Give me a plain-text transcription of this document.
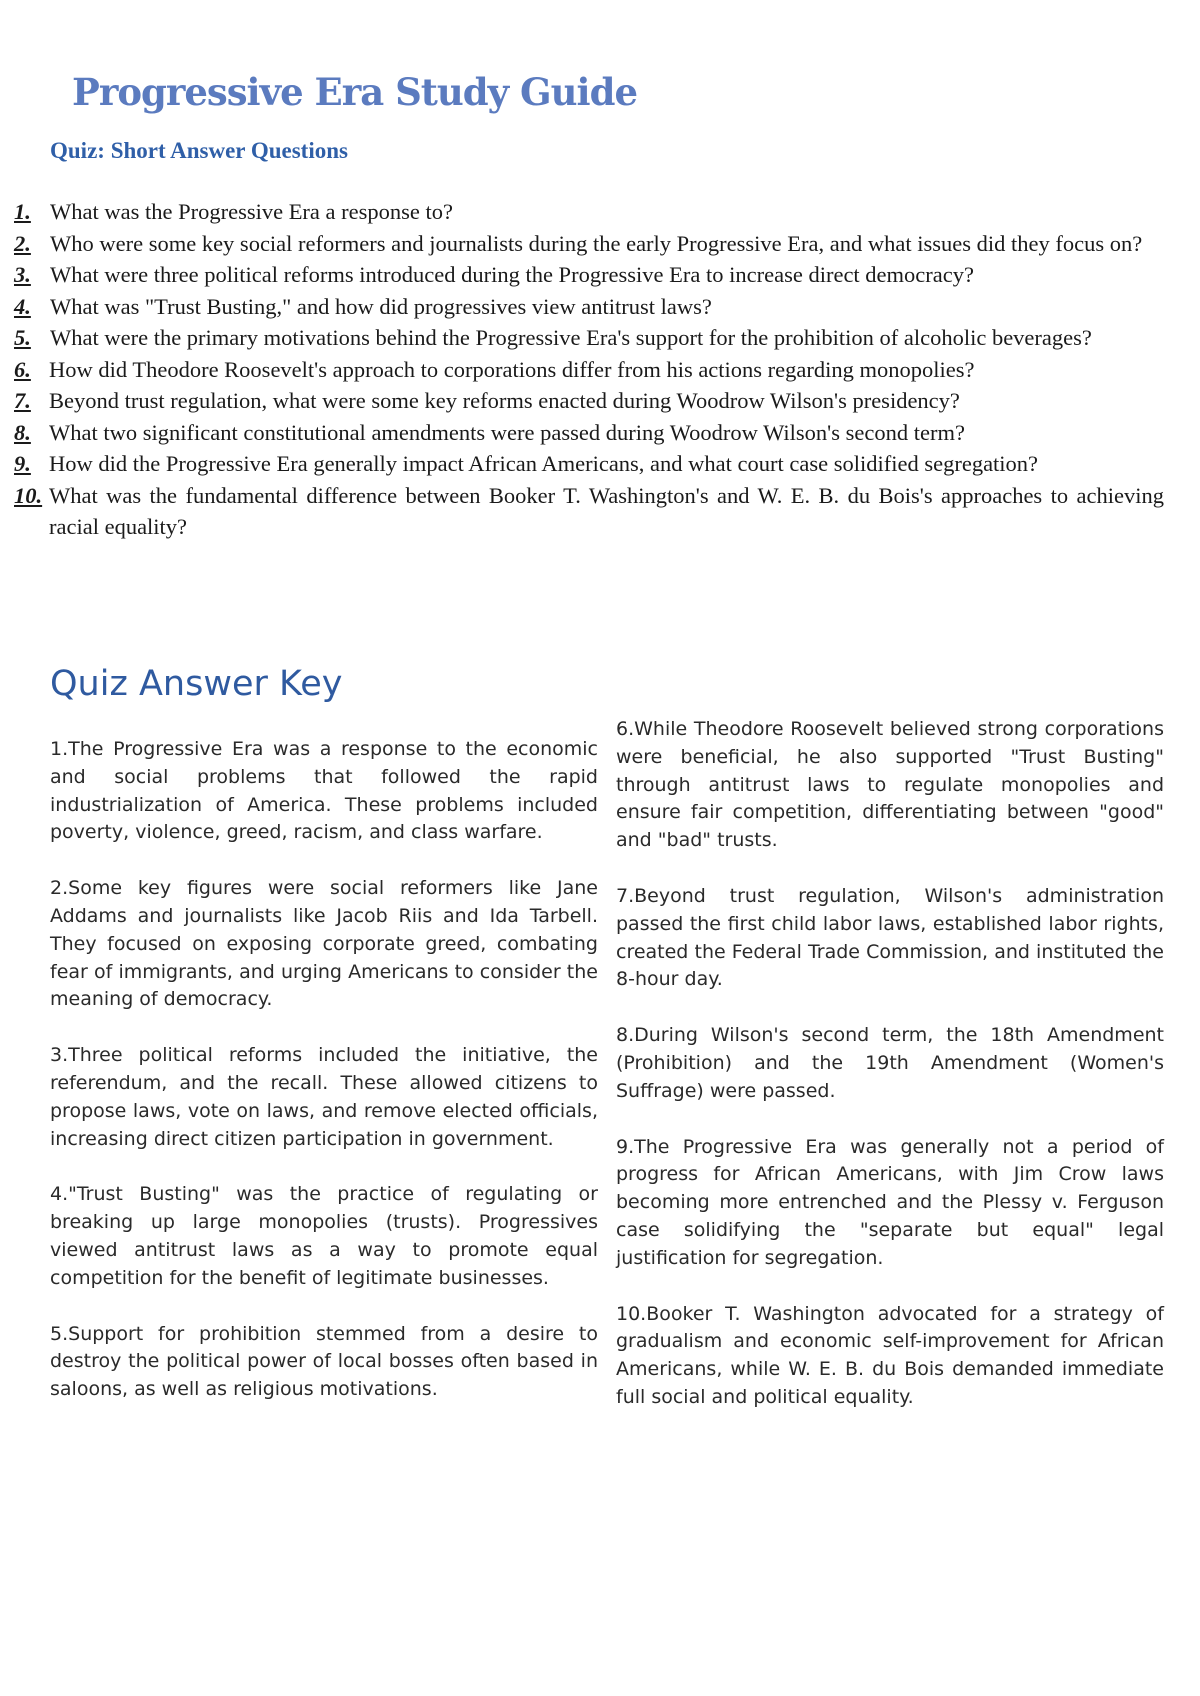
Progressive Era Study Guide
Quiz: Short Answer Questions
1. What was the Progressive Era a response to?
2. Who were some key social reformers and journalists during the early Progressive Era, and what issues did they focus on?
3. What were three political reforms introduced during the Progressive Era to increase direct democracy?
4. What was "Trust Busting," and how did progressives view antitrust laws?
5. What were the primary motivations behind the Progressive Era's support for the prohibition of alcoholic beverages?
6. How did Theodore Roosevelt's approach to corporations differ from his actions regarding monopolies?
7. Beyond trust regulation, what were some key reforms enacted during Woodrow Wilson's presidency?
8. What two significant constitutional amendments were passed during Woodrow Wilson's second term?
9. How did the Progressive Era generally impact African Americans, and what court case solidified segregation?
10. What was the fundamental difference between Booker T. Washington's and W. E. B. du Bois's approaches to achieving racial equality?
Quiz Answer Key

1.The Progressive Era was a response to the economic and social problems that followed the rapid industrialization of America. These problems included poverty, violence, greed, racism, and class warfare.

2.Some key figures were social reformers like Jane Addams and journalists like Jacob Riis and Ida Tarbell. They focused on exposing corporate greed, combating fear of immigrants, and urging Americans to consider the meaning of democracy.

3.Three political reforms included the initiative, the referendum, and the recall. These allowed citizens to propose laws, vote on laws, and remove elected officials, increasing direct citizen participation in government.

4."Trust Busting" was the practice of regulating or breaking up large monopolies (trusts). Progressives viewed antitrust laws as a way to promote equal competition for the benefit of legitimate businesses.

5.Support for prohibition stemmed from a desire to destroy the political power of local bosses often based in saloons, as well as religious motivations.

6.While Theodore Roosevelt believed strong corporations were beneficial, he also supported "Trust Busting" through antitrust laws to regulate monopolies and ensure fair competition, differentiating between "good" and "bad" trusts.

7.Beyond trust regulation, Wilson's administration passed the first child labor laws, established labor rights, created the Federal Trade Commission, and instituted the 8-hour day.

8.During Wilson's second term, the 18th Amendment (Prohibition) and the 19th Amendment (Women's Suffrage) were passed.

9.The Progressive Era was generally not a period of progress for African Americans, with Jim Crow laws becoming more entrenched and the Plessy v. Ferguson case solidifying the "separate but equal" legal justification for segregation.

10.Booker T. Washington advocated for a strategy of gradualism and economic self-improvement for African Americans, while W. E. B. du Bois demanded immediate full social and political equality.
